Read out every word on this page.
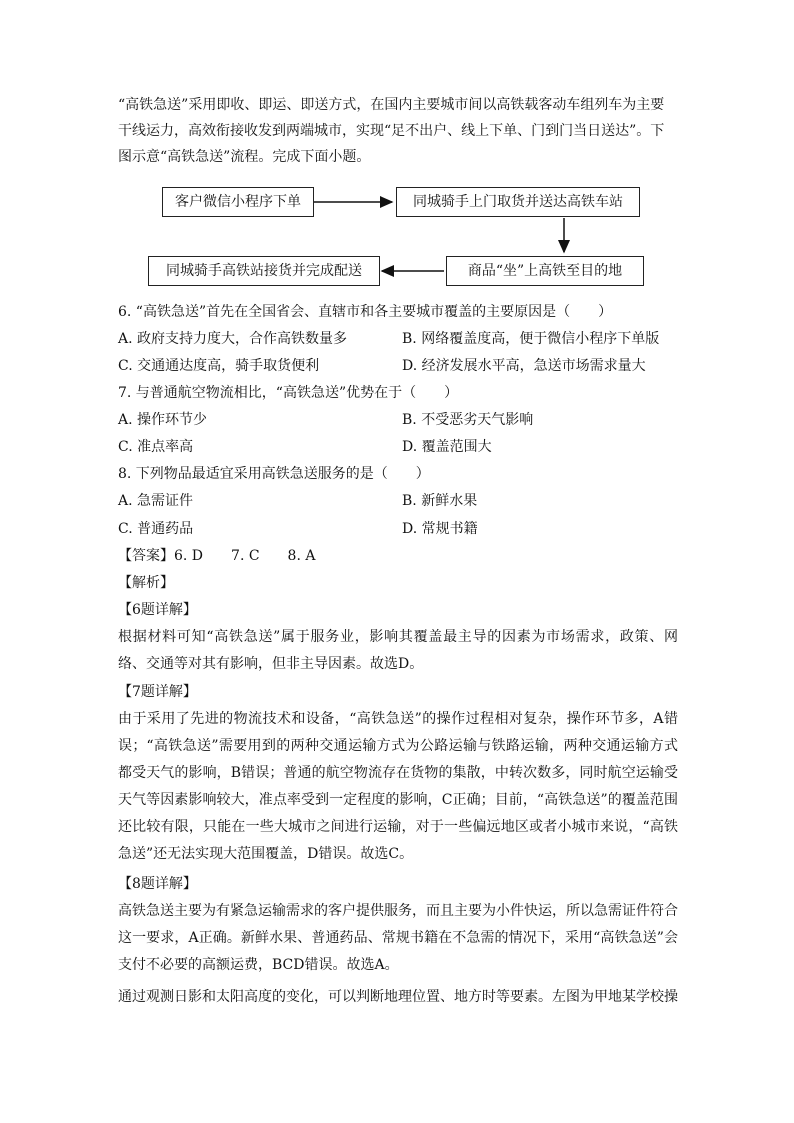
“高铁急送”采用即收、即运、即送方式，在国内主要城市间以高铁载客动车组列车为主要干线运力，高效衔接收发到两端城市，实现“足不出户、线上下单、门到门当日送达”。下图示意“高铁急送”流程。完成下面小题。
客户微信小程序下单	同城骑手上门取货并送达高铁车站
商品“坐”上高铁至目的地
同城骑手高铁站接货并完成配送
6. “高铁急送”首先在全国省会、直辖市和各主要城市覆盖的主要原因是（　　）
A. 政府支持力度大，合作高铁数量多	B. 网络覆盖度高，便于微信小程序下单版
C. 交通通达度高，骑手取货便利	D. 经济发展水平高，急送市场需求量大
7. 与普通航空物流相比，“高铁急送”优势在于（　　）
A. 操作环节少	B. 不受恶劣天气影响
C. 准点率高	D. 覆盖范围大
8. 下列物品最适宜采用高铁急送服务的是（　　）
A. 急需证件	B. 新鲜水果
C. 普通药品	D. 常规书籍
【答案】6. D　　7. C　　8. A
【解析】
【6题详解】
根据材料可知“高铁急送”属于服务业，影响其覆盖最主导的因素为市场需求，政策、网络、交通等对其有影响，但非主导因素。故选D。
【7题详解】
由于采用了先进的物流技术和设备，“高铁急送”的操作过程相对复杂，操作环节多，A错误；“高铁急送”需要用到的两种交通运输方式为公路运输与铁路运输，两种交通运输方式都受天气的影响，B错误；普通的航空物流存在货物的集散，中转次数多，同时航空运输受天气等因素影响较大，准点率受到一定程度的影响，C正确；目前，“高铁急送”的覆盖范围还比较有限，只能在一些大城市之间进行运输，对于一些偏远地区或者小城市来说，“高铁急送”还无法实现大范围覆盖，D错误。故选C。
【8题详解】
高铁急送主要为有紧急运输需求的客户提供服务，而且主要为小件快运，所以急需证件符合这一要求，A正确。新鲜水果、普通药品、常规书籍在不急需的情况下，采用“高铁急送”会支付不必要的高额运费，BCD错误。故选A。
通过观测日影和太阳高度的变化，可以判断地理位置、地方时等要素。左图为甲地某学校操
